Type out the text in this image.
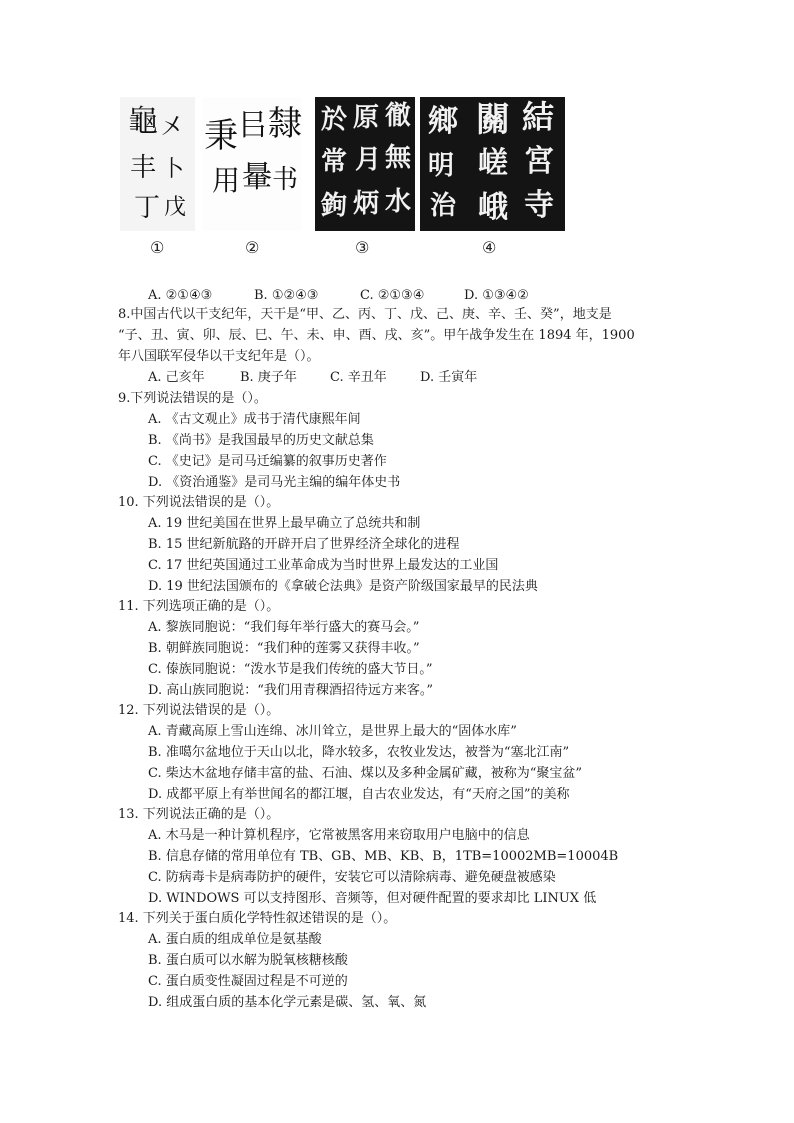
龜 㐅
丰 卜
丁 戊
秉 㠯 隸
用 䡞 书
於 原 徹
常 月 無
鉤 炳 水
鄉 關 結
明 嵯 宮
治 峨 寺
①	②	③	④
A. ②①④③	B. ①②④③	C. ②①③④	D. ①③④②
8.中国古代以干支纪年，天干是“甲、乙、丙、丁、戊、己、庚、辛、壬、癸”，地支是
“子、丑、寅、卯、辰、巳、午、未、申、酉、戌、亥”。甲午战争发生在 1894 年，1900
年八国联军侵华以干支纪年是（）。
A. 己亥年	B. 庚子年	C. 辛丑年	D. 壬寅年
9.下列说法错误的是（）。
A. 《古文观止》成书于清代康熙年间
B. 《尚书》是我国最早的历史文献总集
C. 《史记》是司马迁编纂的叙事历史著作
D. 《资治通鉴》是司马光主编的编年体史书
10. 下列说法错误的是（）。
A. 19 世纪美国在世界上最早确立了总统共和制
B. 15 世纪新航路的开辟开启了世界经济全球化的进程
C. 17 世纪英国通过工业革命成为当时世界上最发达的工业国
D. 19 世纪法国颁布的《拿破仑法典》是资产阶级国家最早的民法典
11. 下列选项正确的是（）。
A. 黎族同胞说：“我们每年举行盛大的赛马会。”
B. 朝鲜族同胞说：“我们种的莲雾又获得丰收。”
C. 傣族同胞说：“泼水节是我们传统的盛大节日。”
D. 高山族同胞说：“我们用青稞酒招待远方来客。”
12. 下列说法错误的是（）。
A. 青藏高原上雪山连绵、冰川耸立，是世界上最大的“固体水库”
B. 准噶尔盆地位于天山以北，降水较多，农牧业发达，被誉为“塞北江南”
C. 柴达木盆地存储丰富的盐、石油、煤以及多种金属矿藏，被称为“聚宝盆”
D. 成都平原上有举世闻名的都江堰，自古农业发达，有“天府之国”的美称
13. 下列说法正确的是（）。
A. 木马是一种计算机程序，它常被黑客用来窃取用户电脑中的信息
B. 信息存储的常用单位有 TB、GB、MB、KB、B，1TB=10002MB=10004B
C. 防病毒卡是病毒防护的硬件，安装它可以清除病毒、避免硬盘被感染
D. WINDOWS 可以支持图形、音频等，但对硬件配置的要求却比 LINUX 低
14. 下列关于蛋白质化学特性叙述错误的是（）。
A. 蛋白质的组成单位是氨基酸
B. 蛋白质可以水解为脱氧核糖核酸
C. 蛋白质变性凝固过程是不可逆的
D. 组成蛋白质的基本化学元素是碳、氢、氧、氮
